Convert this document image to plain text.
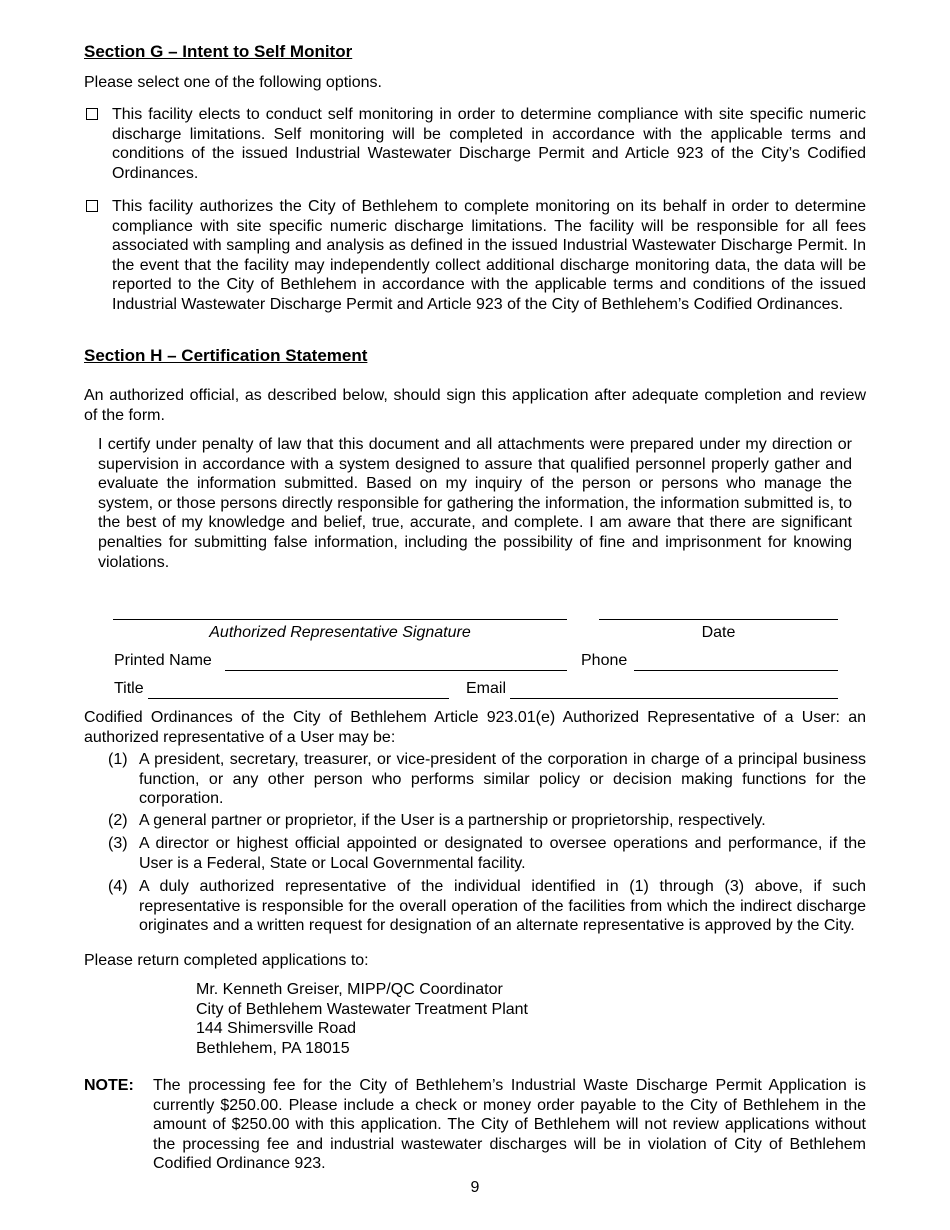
Section G – Intent to Self Monitor
Please select one of the following options.
This facility elects to conduct self monitoring in order to determine compliance with site specific numeric discharge limitations. Self monitoring will be completed in accordance with the applicable terms and conditions of the issued Industrial Wastewater Discharge Permit and Article 923 of the City’s Codified Ordinances.
This facility authorizes the City of Bethlehem to complete monitoring on its behalf in order to determine compliance with site specific numeric discharge limitations. The facility will be responsible for all fees associated with sampling and analysis as defined in the issued Industrial Wastewater Discharge Permit. In the event that the facility may independently collect additional discharge monitoring data, the data will be reported to the City of Bethlehem in accordance with the applicable terms and conditions of the issued Industrial Wastewater Discharge Permit and Article 923 of the City of Bethlehem’s Codified Ordinances.
Section H – Certification Statement
An authorized official, as described below, should sign this application after adequate completion and review of the form.
I certify under penalty of law that this document and all attachments were prepared under my direction or supervision in accordance with a system designed to assure that qualified personnel properly gather and evaluate the information submitted. Based on my inquiry of the person or persons who manage the system, or those persons directly responsible for gathering the information, the information submitted is, to the best of my knowledge and belief, true, accurate, and complete. I am aware that there are significant penalties for submitting false information, including the possibility of fine and imprisonment for knowing violations.
Authorized Representative Signature	Date
Printed Name	Phone
Title	Email
Codified Ordinances of the City of Bethlehem Article 923.01(e) Authorized Representative of a User: an authorized representative of a User may be:
(1) A president, secretary, treasurer, or vice-president of the corporation in charge of a principal business function, or any other person who performs similar policy or decision making functions for the corporation.
(2) A general partner or proprietor, if the User is a partnership or proprietorship, respectively.
(3) A director or highest official appointed or designated to oversee operations and performance, if the User is a Federal, State or Local Governmental facility.
(4) A duly authorized representative of the individual identified in (1) through (3) above, if such representative is responsible for the overall operation of the facilities from which the indirect discharge originates and a written request for designation of an alternate representative is approved by the City.
Please return completed applications to:
Mr. Kenneth Greiser, MIPP/QC Coordinator
City of Bethlehem Wastewater Treatment Plant
144 Shimersville Road
Bethlehem, PA 18015
NOTE: The processing fee for the City of Bethlehem’s Industrial Waste Discharge Permit Application is currently $250.00. Please include a check or money order payable to the City of Bethlehem in the amount of $250.00 with this application. The City of Bethlehem will not review applications without the processing fee and industrial wastewater discharges will be in violation of City of Bethlehem Codified Ordinance 923.
9
